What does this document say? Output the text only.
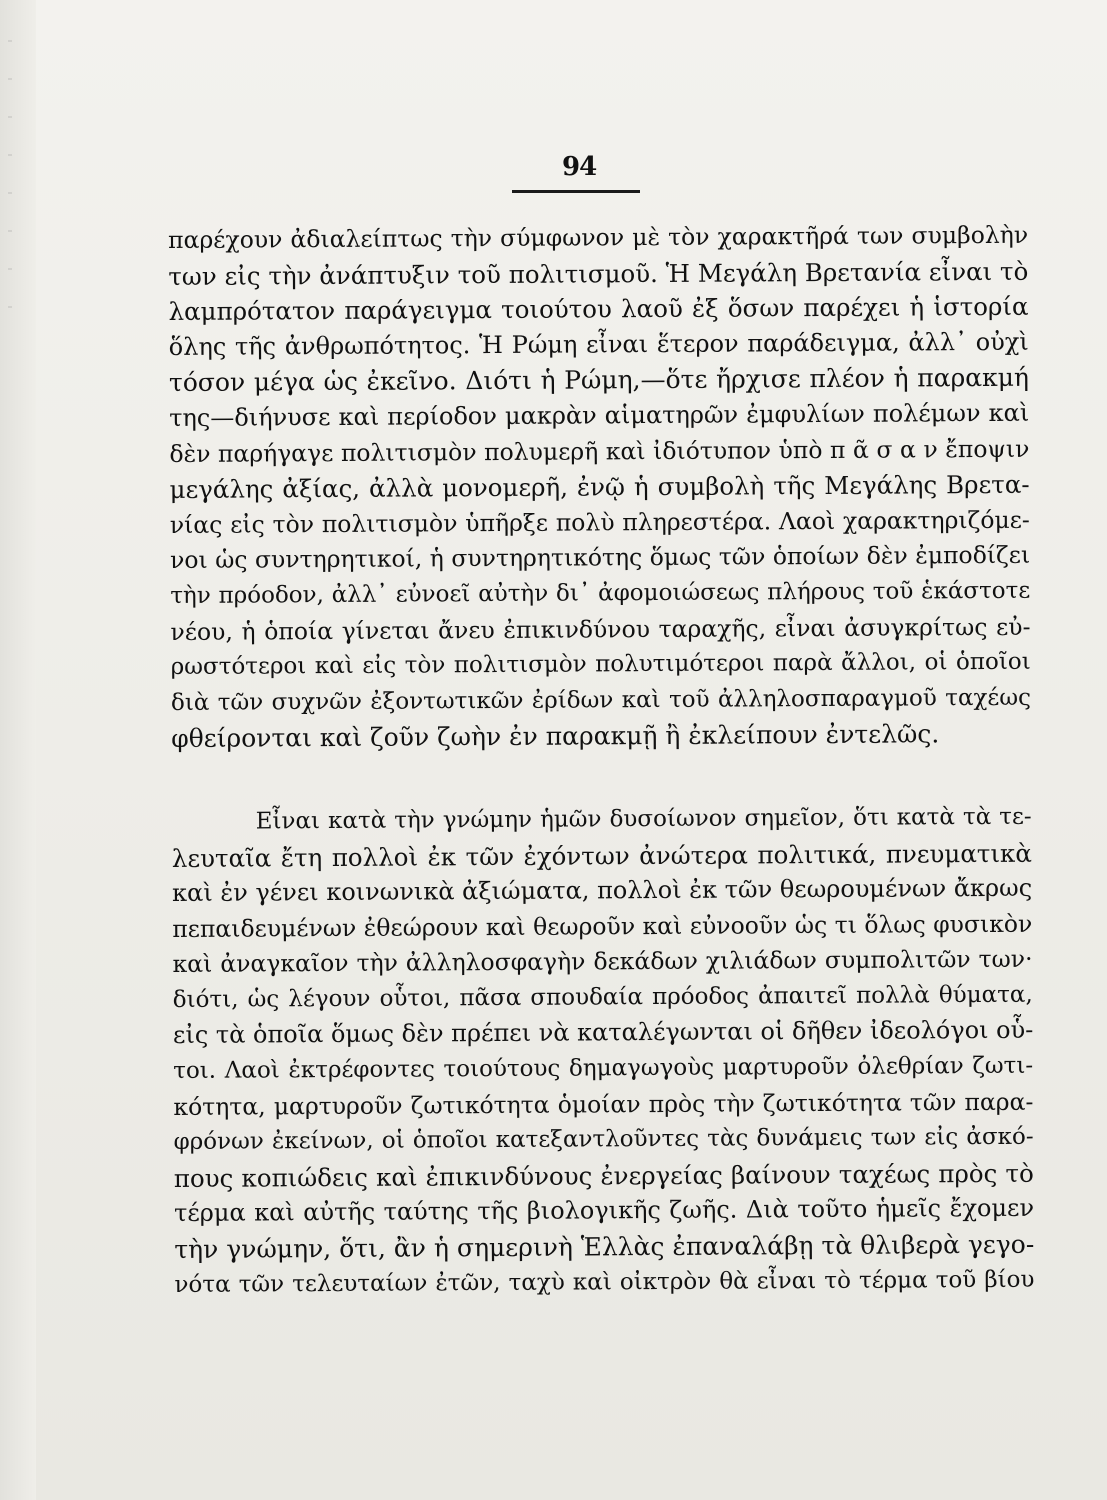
94

παρέχουν ἀδιαλείπτως τὴν σύμφωνον μὲ τὸν χαρακτῆρά των συμβολὴν
των εἰς τὴν ἀνάπτυξιν τοῦ πολιτισμοῦ. Ἡ Μεγάλη Βρετανία εἶναι τὸ
λαμπρότατον παράγειγμα τοιούτου λαοῦ ἐξ ὅσων παρέχει ἡ ἱστορία
ὅλης τῆς ἀνθρωπότητος. Ἡ Ρώμη εἶναι ἕτερον παράδειγμα, ἀλλ᾿ οὐχὶ
τόσον μέγα ὡς ἐκεῖνο. Διότι ἡ Ρώμη,—ὅτε ἤρχισε πλέον ἡ παρακμή
της—διήνυσε καὶ περίοδον μακρὰν αἱματηρῶν ἐμφυλίων πολέμων καὶ
δὲν παρήγαγε πολιτισμὸν πολυμερῆ καὶ ἰδιότυπον ὑπὸ π ᾶ σ α ν ἔποψιν
μεγάλης ἀξίας, ἀλλὰ μονομερῆ, ἐνῷ ἡ συμβολὴ τῆς Μεγάλης Βρετα-
νίας εἰς τὸν πολιτισμὸν ὑπῆρξε πολὺ πληρεστέρα. Λαοὶ χαρακτηριζόμε-
νοι ὡς συντηρητικοί, ἡ συντηρητικότης ὅμως τῶν ὁποίων δὲν ἐμποδίζει
τὴν πρόοδον, ἀλλ᾿ εὐνοεῖ αὐτὴν δι᾿ ἀφομοιώσεως πλήρους τοῦ ἑκάστοτε
νέου, ἡ ὁποία γίνεται ἄνευ ἐπικινδύνου ταραχῆς, εἶναι ἀσυγκρίτως εὐ-
ρωστότεροι καὶ εἰς τὸν πολιτισμὸν πολυτιμότεροι παρὰ ἄλλοι, οἱ ὁποῖοι
διὰ τῶν συχνῶν ἐξοντωτικῶν ἐρίδων καὶ τοῦ ἀλληλοσπαραγμοῦ ταχέως
φθείρονται καὶ ζοῦν ζωὴν ἐν παρακμῇ ἢ ἐκλείπουν ἐντελῶς.

Εἶναι κατὰ τὴν γνώμην ἡμῶν δυσοίωνον σημεῖον, ὅτι κατὰ τὰ τε-
λευταῖα ἔτη πολλοὶ ἐκ τῶν ἐχόντων ἀνώτερα πολιτικά, πνευματικὰ
καὶ ἐν γένει κοινωνικὰ ἀξιώματα, πολλοὶ ἐκ τῶν θεωρουμένων ἄκρως
πεπαιδευμένων ἐθεώρουν καὶ θεωροῦν καὶ εὐνοοῦν ὡς τι ὅλως φυσικὸν
καὶ ἀναγκαῖον τὴν ἀλληλοσφαγὴν δεκάδων χιλιάδων συμπολιτῶν των·
διότι, ὡς λέγουν οὗτοι, πᾶσα σπουδαία πρόοδος ἀπαιτεῖ πολλὰ θύματα,
εἰς τὰ ὁποῖα ὅμως δὲν πρέπει νὰ καταλέγωνται οἱ δῆθεν ἰδεολόγοι οὗ-
τοι. Λαοὶ ἐκτρέφοντες τοιούτους δημαγωγοὺς μαρτυροῦν ὀλεθρίαν ζωτι-
κότητα, μαρτυροῦν ζωτικότητα ὁμοίαν πρὸς τὴν ζωτικότητα τῶν παρα-
φρόνων ἐκείνων, οἱ ὁποῖοι κατεξαντλοῦντες τὰς δυνάμεις των εἰς ἀσκό-
πους κοπιώδεις καὶ ἐπικινδύνους ἐνεργείας βαίνουν ταχέως πρὸς τὸ
τέρμα καὶ αὐτῆς ταύτης τῆς βιολογικῆς ζωῆς. Διὰ τοῦτο ἡμεῖς ἔχομεν
τὴν γνώμην, ὅτι, ἂν ἡ σημερινὴ Ἑλλὰς ἐπαναλάβῃ τὰ θλιβερὰ γεγο-
νότα τῶν τελευταίων ἐτῶν, ταχὺ καὶ οἰκτρὸν θὰ εἶναι τὸ τέρμα τοῦ βίου
